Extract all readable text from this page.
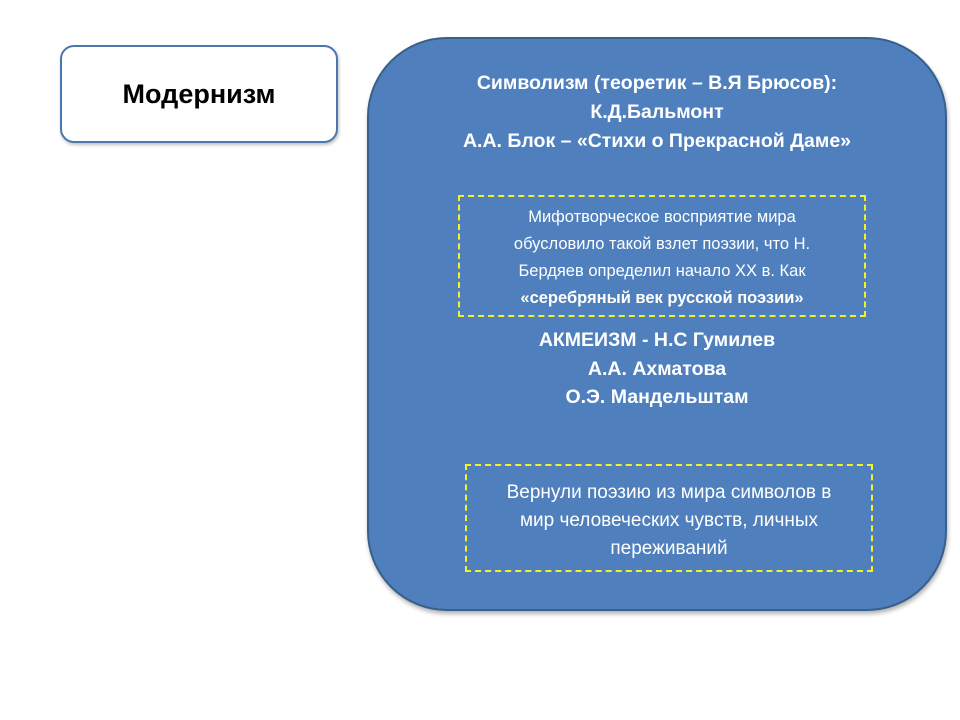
Модернизм	Символизм (теоретик – В.Я Брюсов):
К.Д.Бальмонт
А.А. Блок – «Стихи о Прекрасной Даме»
Мифотворческое восприятие мира
обусловило такой взлет поэзии, что Н.
Бердяев определил начало XX в. Как
«серебряный век русской поэзии»
АКМЕИЗМ - Н.С Гумилев
А.А. Ахматова
О.Э. Мандельштам
Вернули поэзию из мира символов в
мир человеческих чувств, личных
переживаний
